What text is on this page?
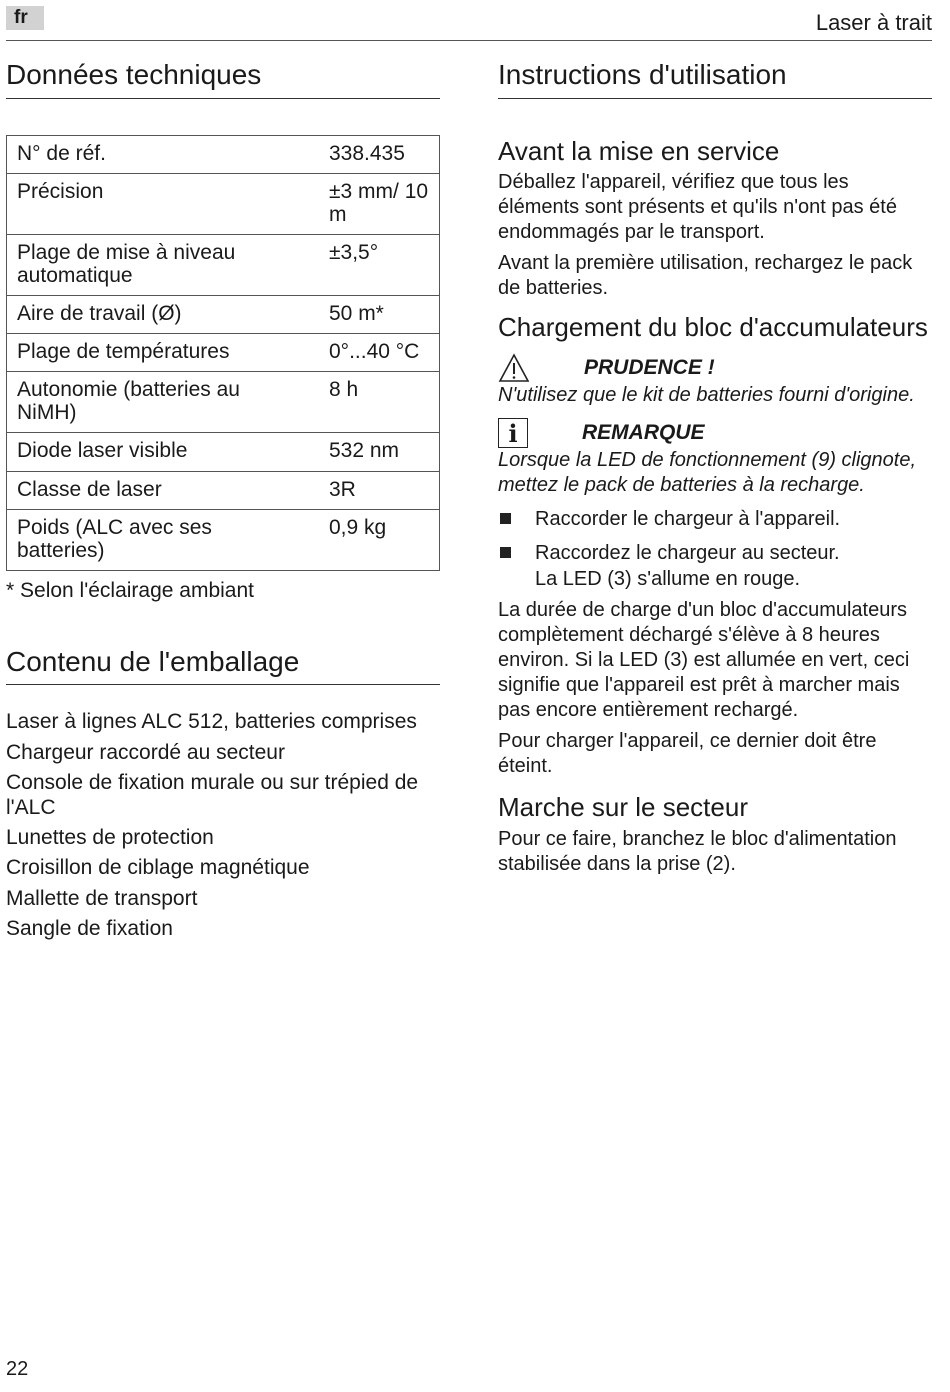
fr	Laser à trait
Données techniques
N° de réf.	338.435
Précision	±3 mm/ 10 m
Plage de mise à niveau automatique	±3,5°
Aire de travail (Ø)	50 m*
Plage de températures	0°...40 °C
Autonomie (batteries au NiMH)	8 h
Diode laser visible	532 nm
Classe de laser	3R
Poids (ALC avec ses batteries)	0,9 kg
* Selon l'éclairage ambiant
Contenu de l'emballage
Laser à lignes ALC 512, batteries comprises
Chargeur raccordé au secteur
Console de fixation murale ou sur trépied de l'ALC
Lunettes de protection
Croisillon de ciblage magnétique
Mallette de transport
Sangle de fixation
Instructions d'utilisation
Avant la mise en service

Déballez l'appareil, vérifiez que tous les éléments sont présents et qu'ils n'ont pas été endommagés par le transport.

Avant la première utilisation, rechargez le pack de batteries.

Chargement du bloc d'accumulateurs
PRUDENCE !

N'utilisez que le kit de batteries fourni d'origine.

i	REMARQUE

Lorsque la LED de fonctionnement (9) clignote, mettez le pack de batteries à la recharge.

Raccorder le chargeur à l'appareil.
Raccordez le chargeur au secteur.
La LED (3) s'allume en rouge.

La durée de charge d'un bloc d'accumulateurs complètement déchargé s'élève à 8 heures environ. Si la LED (3) est allumée en vert, ceci signifie que l'appareil est prêt à marcher mais pas encore entièrement rechargé.

Pour charger l'appareil, ce dernier doit être éteint.

Marche sur le secteur

Pour ce faire, branchez le bloc d'alimentation stabilisée dans la prise (2).

22
